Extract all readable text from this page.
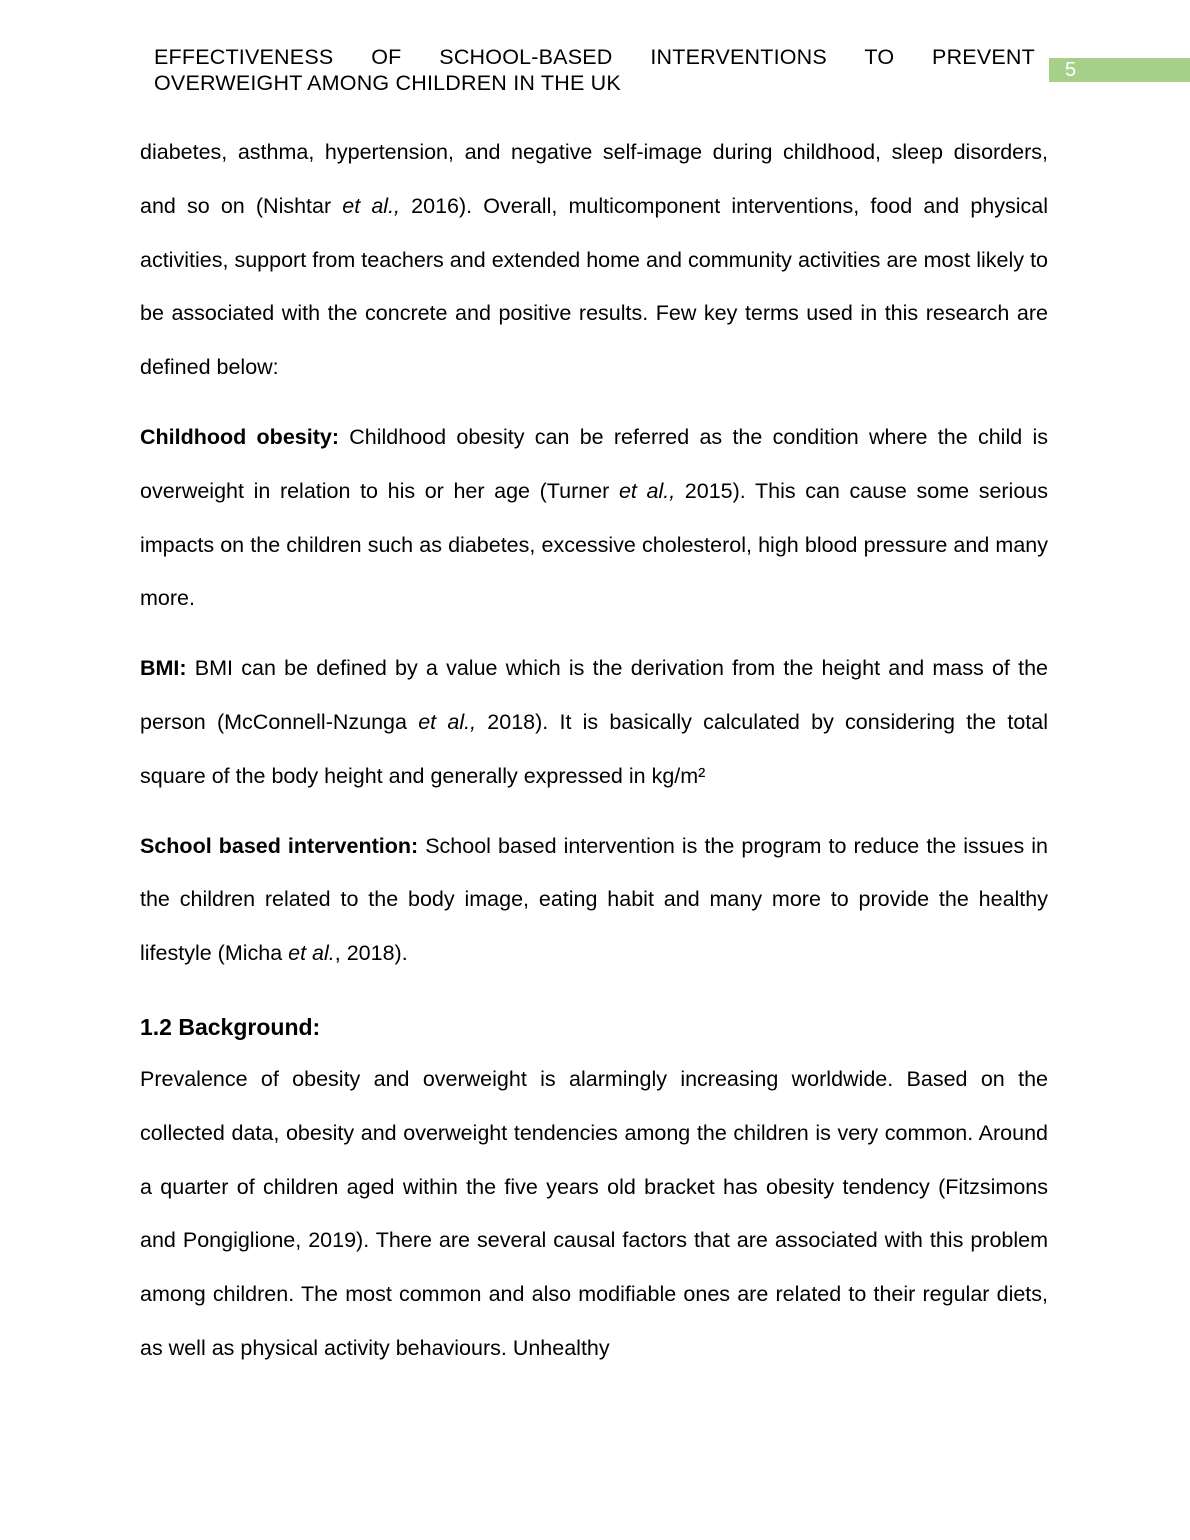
EFFECTIVENESS OF SCHOOL-BASED INTERVENTIONS TO PREVENT
OVERWEIGHT AMONG CHILDREN IN THE UK
5

diabetes, asthma, hypertension, and negative self-image during childhood, sleep disorders, and so on (Nishtar et al., 2016). Overall, multicomponent interventions, food and physical activities, support from teachers and extended home and community activities are most likely to be associated with the concrete and positive results. Few key terms used in this research are defined below:

Childhood obesity: Childhood obesity can be referred as the condition where the child is overweight in relation to his or her age (Turner et al., 2015). This can cause some serious impacts on the children such as diabetes, excessive cholesterol, high blood pressure and many more.

BMI: BMI can be defined by a value which is the derivation from the height and mass of the person (McConnell-Nzunga et al., 2018). It is basically calculated by considering the total square of the body height and generally expressed in kg/m²

School based intervention: School based intervention is the program to reduce the issues in the children related to the body image, eating habit and many more to provide the healthy lifestyle (Micha et al., 2018).

1.2 Background:

Prevalence of obesity and overweight is alarmingly increasing worldwide. Based on the collected data, obesity and overweight tendencies among the children is very common. Around a quarter of children aged within the five years old bracket has obesity tendency (Fitzsimons and Pongiglione, 2019). There are several causal factors that are associated with this problem among children. The most common and also modifiable ones are related to their regular diets, as well as physical activity behaviours. Unhealthy
